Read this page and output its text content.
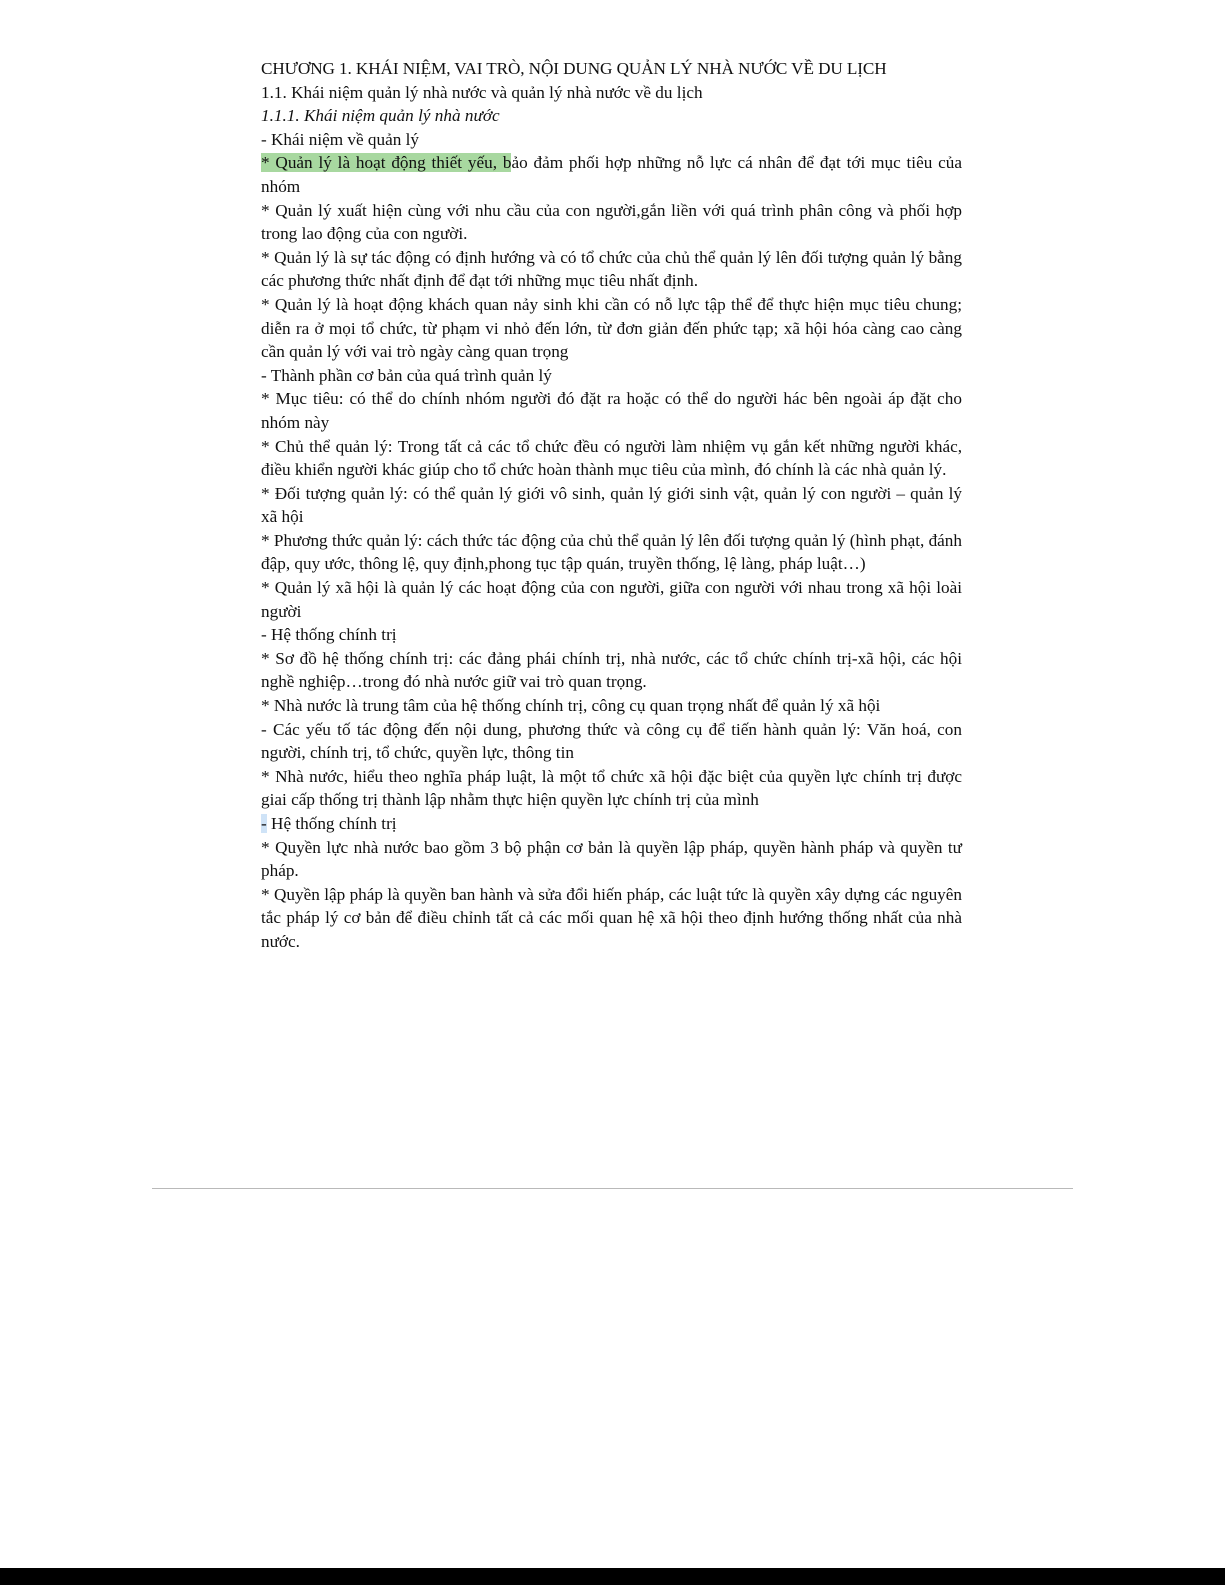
CHƯƠNG 1. KHÁI NIỆM, VAI TRÒ, NỘI DUNG QUẢN LÝ NHÀ NƯỚC VỀ DU LỊCH

1.1. Khái niệm quản lý nhà nước và quản lý nhà nước về du lịch

1.1.1. Khái niệm quản lý nhà nước

- Khái niệm về quản lý

* Quản lý là hoạt động thiết yếu, bảo đảm phối hợp những nỗ lực cá nhân để đạt tới mục tiêu của nhóm

* Quản lý xuất hiện cùng với nhu cầu của con người,gắn liền với quá trình phân công và phối hợp trong lao động của con người.

* Quản lý là sự tác động có định hướng và có tổ chức của chủ thể quản lý lên đối tượng quản lý bằng các phương thức nhất định để đạt tới những mục tiêu nhất định.

* Quản lý là hoạt động khách quan nảy sinh khi cần có nỗ lực tập thể để thực hiện mục tiêu chung; diễn ra ở mọi tổ chức, từ phạm vi nhỏ đến lớn, từ đơn giản đến phức tạp; xã hội hóa càng cao càng cần quản lý với vai trò ngày càng quan trọng

- Thành phần cơ bản của quá trình quản lý

* Mục tiêu: có thể do chính nhóm người đó đặt ra hoặc có thể do người hác bên ngoài áp đặt cho nhóm này

* Chủ thể quản lý: Trong tất cả các tổ chức đều có người làm nhiệm vụ gắn kết những người khác, điều khiển người khác giúp cho tổ chức hoàn thành mục tiêu của mình, đó chính là các nhà quản lý.

* Đối tượng quản lý: có thể quản lý giới vô sinh, quản lý giới sinh vật, quản lý con người – quản lý xã hội

* Phương thức quản lý: cách thức tác động của chủ thể quản lý lên đối tượng quản lý (hình phạt, đánh đập, quy ước, thông lệ, quy định,phong tục tập quán, truyền thống, lệ làng, pháp luật…)

* Quản lý xã hội là quản lý các hoạt động của con người, giữa con người với nhau trong xã hội loài người

- Hệ thống chính trị

* Sơ đồ hệ thống chính trị: các đảng phái chính trị, nhà nước, các tổ chức chính trị-xã hội, các hội nghề nghiệp…trong đó nhà nước giữ vai trò quan trọng.

* Nhà nước là trung tâm của hệ thống chính trị, công cụ quan trọng nhất để quản lý xã hội

- Các yếu tố tác động đến nội dung, phương thức và công cụ để tiến hành quản lý: Văn hoá, con người, chính trị, tổ chức, quyền lực, thông tin

* Nhà nước, hiểu theo nghĩa pháp luật, là một tổ chức xã hội đặc biệt của quyền lực chính trị được giai cấp thống trị thành lập nhằm thực hiện quyền lực chính trị của mình

- Hệ thống chính trị

* Quyền lực nhà nước bao gồm 3 bộ phận cơ bản là quyền lập pháp, quyền hành pháp và quyền tư pháp.

* Quyền lập pháp là quyền ban hành và sửa đổi hiến pháp, các luật tức là quyền xây dựng các nguyên tắc pháp lý cơ bản để điều chỉnh tất cả các mối quan hệ xã hội theo định hướng thống nhất của nhà nước.
